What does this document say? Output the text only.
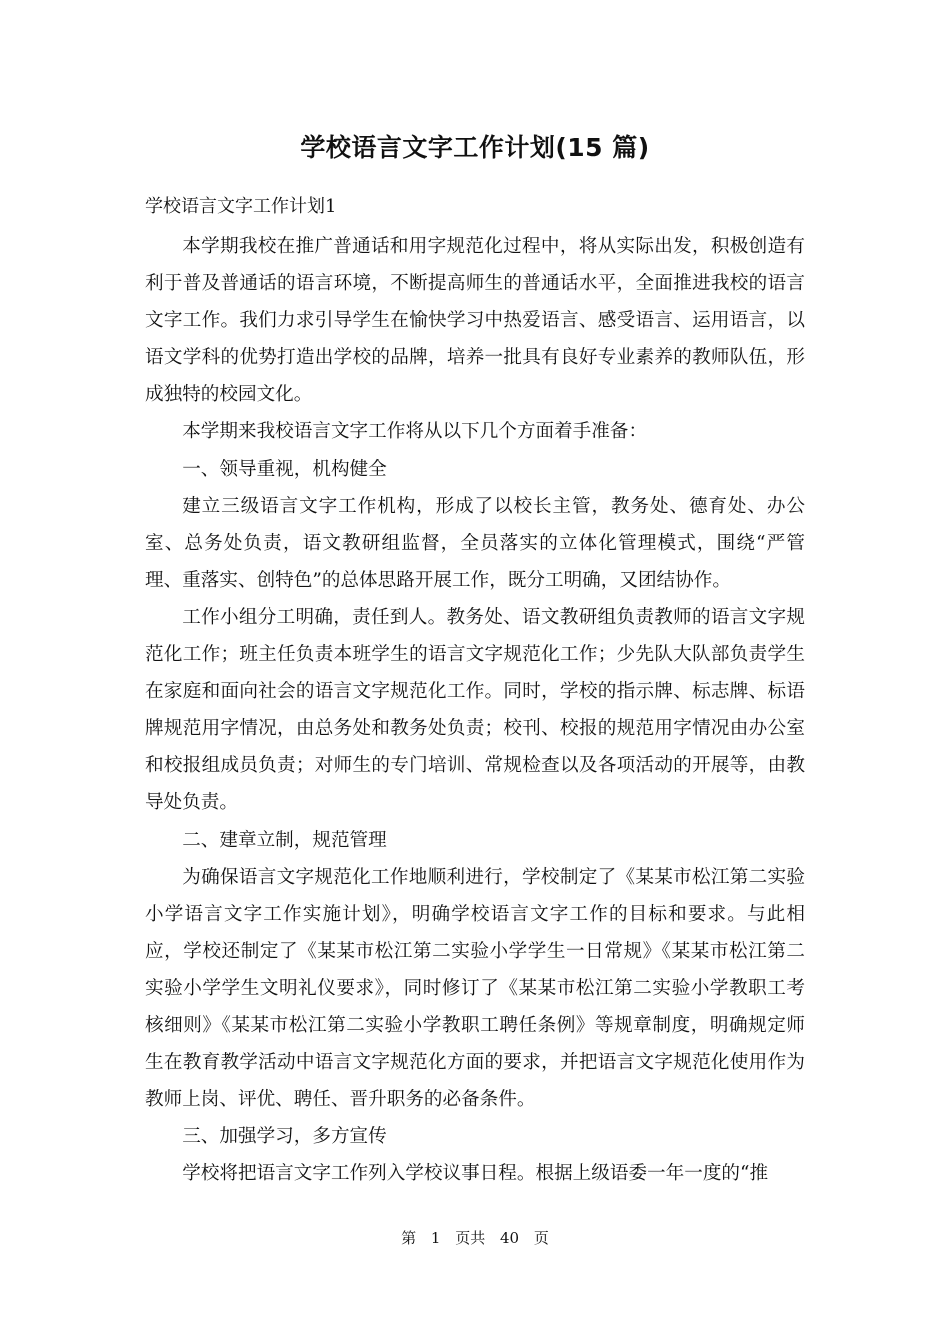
学校语言文字工作计划(15 篇)
学校语言文字工作计划1

本学期我校在推广普通话和用字规范化过程中，将从实际出发，积极创造有利于普及普通话的语言环境，不断提高师生的普通话水平，全面推进我校的语言文字工作。我们力求引导学生在愉快学习中热爱语言、感受语言、运用语言，以语文学科的优势打造出学校的品牌，培养一批具有良好专业素养的教师队伍，形成独特的校园文化。

本学期来我校语言文字工作将从以下几个方面着手准备：

一、领导重视，机构健全

建立三级语言文字工作机构，形成了以校长主管，教务处、德育处、办公室、总务处负责，语文教研组监督，全员落实的立体化管理模式，围绕“严管理、重落实、创特色”的总体思路开展工作，既分工明确，又团结协作。

工作小组分工明确，责任到人。教务处、语文教研组负责教师的语言文字规范化工作；班主任负责本班学生的语言文字规范化工作；少先队大队部负责学生在家庭和面向社会的语言文字规范化工作。同时，学校的指示牌、标志牌、标语牌规范用字情况，由总务处和教务处负责；校刊、校报的规范用字情况由办公室和校报组成员负责；对师生的专门培训、常规检查以及各项活动的开展等，由教导处负责。

二、建章立制，规范管理

为确保语言文字规范化工作地顺利进行，学校制定了《某某市松江第二实验小学语言文字工作实施计划》，明确学校语言文字工作的目标和要求。与此相应，学校还制定了《某某市松江第二实验小学学生一日常规》《某某市松江第二实验小学学生文明礼仪要求》，同时修订了《某某市松江第二实验小学教职工考核细则》《某某市松江第二实验小学教职工聘任条例》等规章制度，明确规定师生在教育教学活动中语言文字规范化方面的要求，并把语言文字规范化使用作为教师上岗、评优、聘任、晋升职务的必备条件。

三、加强学习，多方宣传

学校将把语言文字工作列入学校议事日程。根据上级语委一年一度的“推

第 1 页共 40 页
